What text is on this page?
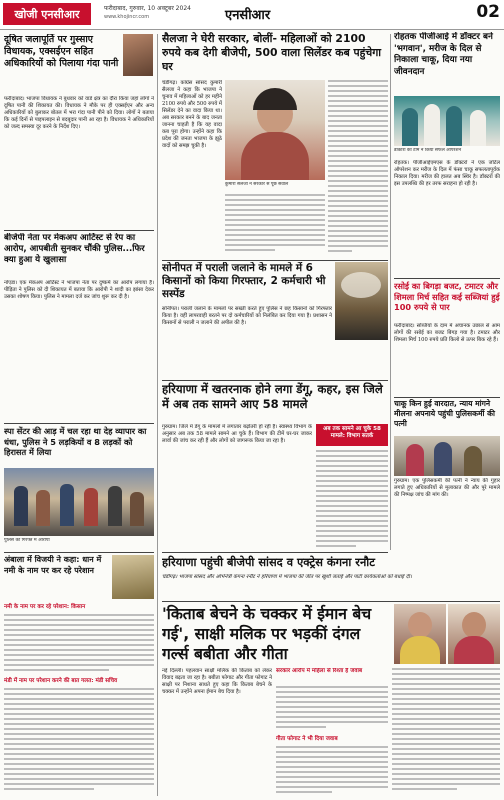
खोजी एनसीआर	फरीदाबाद, गुरुवार, 10 अक्टूबर 2024
www.khojincr.com	एनसीआर	02
दूषित जलापूर्ति पर गुस्साए विधायक, एक्सईएन सहित अधिकारियों को पिलाया गंदा पानी
फरीदाबाद। भाजपा विधायक ने बुधवार को वार्ड क्षेत्र का दौरा किया जहां लोगों ने दूषित पानी की शिकायत की। विधायक ने मौके पर ही एक्सईएन और अन्य अधिकारियों को बुलाकर बोतल में भरा गंदा पानी पीने को दिया। लोगों ने बताया कि कई दिनों से पाइपलाइन से बदबूदार पानी आ रहा है। विधायक ने अधिकारियों को जल्द समस्या दूर करने के निर्देश दिए।
बीजेपी नेता पर मेकअप आर्टिस्ट से रेप का आरोप, आपबीती सुनकर चौंकी पुलिस...फिर क्या हुआ ये खुलासा
नोएडा। एक मेकअप आर्टिस्ट ने भाजपा नेता पर दुष्कर्म का आरोप लगाया है। पीड़िता ने पुलिस को दी शिकायत में बताया कि आरोपी ने शादी का झांसा देकर उसका शोषण किया। पुलिस ने मामला दर्ज कर जांच शुरू कर दी है।
स्पा सेंटर की आड़ में चल रहा था देह व्यापार का धंधा, पुलिस ने 5 लड़कियों व 8 लड़कों को हिरासत में लिया
पुलिस की गिरफ्त में आरोपी
अंबाला में विजयी ने कहा: धान में नमी के नाम पर कर रहे परेशान
नमी के नाम पर कर रहे परेशान: किसान
मंडी में नाम पर परेशान करने की बात गलत: मंडी सचिव
सैलजा ने घेरी सरकार, बोलीं- महिलाओं को 2100 रुपये कब देगी बीजेपी, 500 वाला सिलेंडर कब पहुंचेगा घर
चंडीगढ़। कांग्रेस सांसद कुमारी सैलजा ने कहा कि भाजपा ने चुनाव में महिलाओं को हर महीने 2100 रुपये और 500 रुपये में सिलेंडर देने का वादा किया था। अब सरकार बनने के बाद जनता जानना चाहती है कि यह वादा कब पूरा होगा। उन्होंने कहा कि प्रदेश की जनता भाजपा के झूठे वादों को समझ चुकी है।
कुमारी सैलजा ने सरकार से पूछे सवाल
सोनीपत में पराली जलाने के मामले में 6 किसानों को किया गिरफ्तार, 2 कर्मचारी भी सस्पेंड
सोनीपत। पराली जलाने के मामलों पर सख्ती करते हुए पुलिस ने छह किसानों को गिरफ्तार किया है। वहीं लापरवाही बरतने पर दो कर्मचारियों को निलंबित कर दिया गया है। प्रशासन ने किसानों से पराली न जलाने की अपील की है।
हरियाणा में खतरनाक होने लगा डेंगू, कहर, इस जिले में अब तक सामने आए 58 मामले
गुरुग्राम। जिले में डेंगू के मामलों में लगातार बढ़ोतरी हो रही है। स्वास्थ्य विभाग के अनुसार अब तक 58 मामले सामने आ चुके हैं। विभाग की टीमें घर-घर जाकर लार्वा की जांच कर रही हैं और लोगों को जागरूक किया जा रहा है।
अब तक सामने आ चुके 58 मामले: विभाग सतर्क
हरियाणा पहुंची बीजेपी सांसद व एक्ट्रेस कंगना रनौट
चंडीगढ़। भाजपा सांसद और अभिनेत्री कंगना रनौट ने हरियाणा में भाजपा की जीत पर खुशी जताई और पार्टी कार्यकर्ताओं को बधाई दी।
'किताब बेचने के चक्कर में ईमान बेच गई', साक्षी मलिक पर भड़कीं दंगल गर्ल्स बबीता और गीता
नई दिल्ली। पहलवान साक्षी मलिक की किताब को लेकर विवाद बढ़ता जा रहा है। बबीता फोगाट और गीता फोगाट ने साक्षी पर निशाना साधते हुए कहा कि किताब बेचने के चक्कर में उन्होंने अपना ईमान बेच दिया है।
सरकार आरोप में महिला से रिश्ता है जवाब
गीता फोगाट ने भी दिया जवाब
रोहतक पीजीआई में डॉक्टर बने 'भगवान', मरीज के दिल से निकाला चाकू, दिया नया जीवनदान
डॉक्टरों की टीम ने किया सफल ऑपरेशन
रोहतक। पीजीआईएमएस के डॉक्टरों ने एक जटिल ऑपरेशन कर मरीज के दिल में फंसा चाकू सफलतापूर्वक निकाल दिया। मरीज की हालत अब स्थिर है। डॉक्टरों की इस उपलब्धि की हर तरफ सराहना हो रही है।
रसोई का बिगड़ा बजट, टमाटर और शिमला मिर्च सहित कई सब्जियां हुई 100 रुपये से पार
फरीदाबाद। सब्जियों के दाम में अचानक उछाल से आम लोगों की रसोई का बजट बिगड़ गया है। टमाटर और शिमला मिर्च 100 रुपये प्रति किलो से ऊपर बिक रहे हैं।
चाकू किन हुई वारदात, न्याय मांगने मीलना अपनाये पहुंची पुलिसकर्मी की पत्नी
गुरुग्राम। एक पुलिसकर्मी की पत्नी ने न्याय की गुहार लगाते हुए अधिकारियों से मुलाकात की और पूरे मामले की निष्पक्ष जांच की मांग की।
